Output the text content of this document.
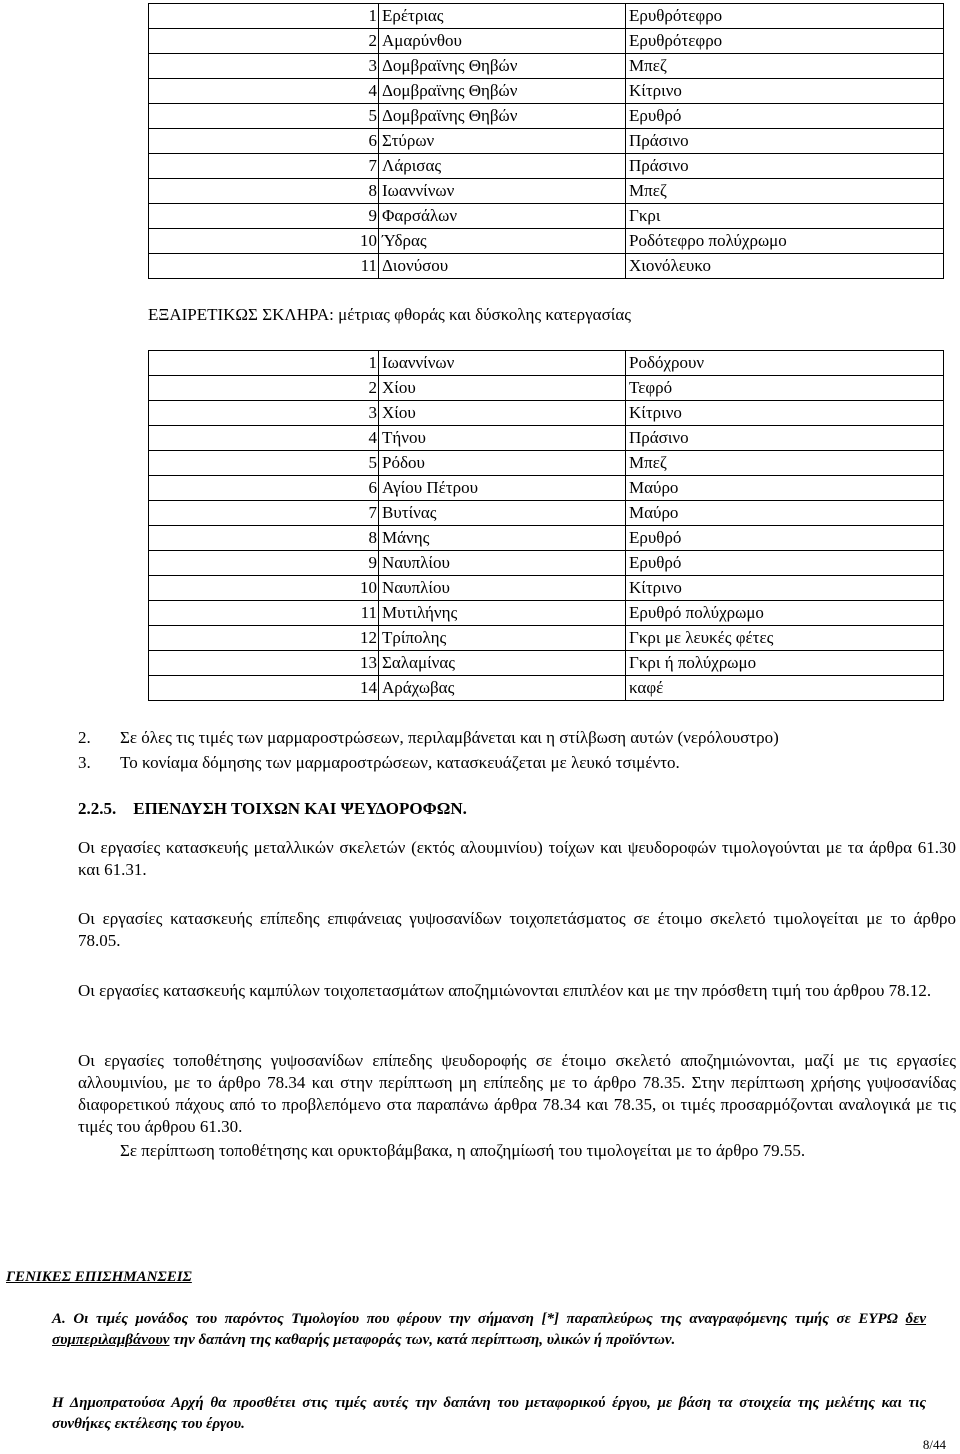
1	Ερέτριας	Ερυθρότεφρο
2	Αμαρύνθου	Ερυθρότεφρο
3	Δομβραϊνης Θηβών	Μπεζ
4	Δομβραϊνης Θηβών	Κίτρινο
5	Δομβραϊνης Θηβών	Ερυθρό
6	Στύρων	Πράσινο
7	Λάρισας	Πράσινο
8	Ιωαννίνων	Μπεζ
9	Φαρσάλων	Γκρι
10	Ύδρας	Ροδότεφρο πολύχρωμο
11	Διονύσου	Χιονόλευκο
ΕΞΑΙΡΕΤΙΚΩΣ ΣΚΛΗΡΑ: μέτριας φθοράς και δύσκολης κατεργασίας
1	Ιωαννίνων	Ροδόχρουν
2	Χίου	Τεφρό
3	Χίου	Κίτρινο
4	Τήνου	Πράσινο
5	Ρόδου	Μπεζ
6	Αγίου Πέτρου	Μαύρο
7	Βυτίνας	Μαύρο
8	Μάνης	Ερυθρό
9	Ναυπλίου	Ερυθρό
10	Ναυπλίου	Κίτρινο
11	Μυτιλήνης	Ερυθρό πολύχρωμο
12	Τρίπολης	Γκρι με λευκές φέτες
13	Σαλαμίνας	Γκρι ή πολύχρωμο
14	Αράχωβας	καφέ
2. Σε όλες τις τιμές των μαρμαροστρώσεων, περιλαμβάνεται και η στίλβωση αυτών (νερόλουστρο)
3. Το κονίαμα δόμησης των μαρμαροστρώσεων, κατασκευάζεται με λευκό τσιμέντο.
2.2.5. ΕΠΕΝΔΥΣΗ ΤΟΙΧΩΝ ΚΑΙ ΨΕΥΔΟΡΟΦΩΝ.
Οι εργασίες κατασκευής μεταλλικών σκελετών (εκτός αλουμινίου) τοίχων και ψευδοροφών τιμολογούνται με τα άρθρα 61.30 και 61.31.
Οι εργασίες κατασκευής επίπεδης επιφάνειας γυψοσανίδων τοιχοπετάσματος σε έτοιμο σκελετό τιμολογείται με το άρθρο 78.05.
Οι εργασίες κατασκευής καμπύλων τοιχοπετασμάτων αποζημιώνονται επιπλέον και με την πρόσθετη τιμή του άρθρου 78.12.
Οι εργασίες τοποθέτησης γυψοσανίδων επίπεδης ψευδοροφής σε έτοιμο σκελετό αποζημιώνονται, μαζί με τις εργασίες αλλουμινίου, με το άρθρο 78.34 και στην περίπτωση μη επίπεδης με το άρθρο 78.35. Στην περίπτωση χρήσης γυψοσανίδας διαφορετικού πάχους από το προβλεπόμενο στα παραπάνω άρθρα 78.34 και 78.35, οι τιμές προσαρμόζονται αναλογικά με τις τιμές του άρθρου 61.30.
Σε περίπτωση τοποθέτησης και ορυκτοβάμβακα, η αποζημίωσή του τιμολογείται με το άρθρο 79.55.
ΓΕΝΙΚΕΣ ΕΠΙΣΗΜΑΝΣΕΙΣ
Α. Οι τιμές μονάδος του παρόντος Τιμολογίου που φέρουν την σήμανση [*] παραπλεύρως της αναγραφόμενης τιμής σε ΕΥΡΩ δεν συμπεριλαμβάνουν την δαπάνη της καθαρής μεταφοράς των, κατά περίπτωση, υλικών ή προϊόντων.
Η Δημοπρατούσα Αρχή θα προσθέτει στις τιμές αυτές την δαπάνη του μεταφορικού έργου, με βάση τα στοιχεία της μελέτης και τις συνθήκες εκτέλεσης του έργου.
8/44
